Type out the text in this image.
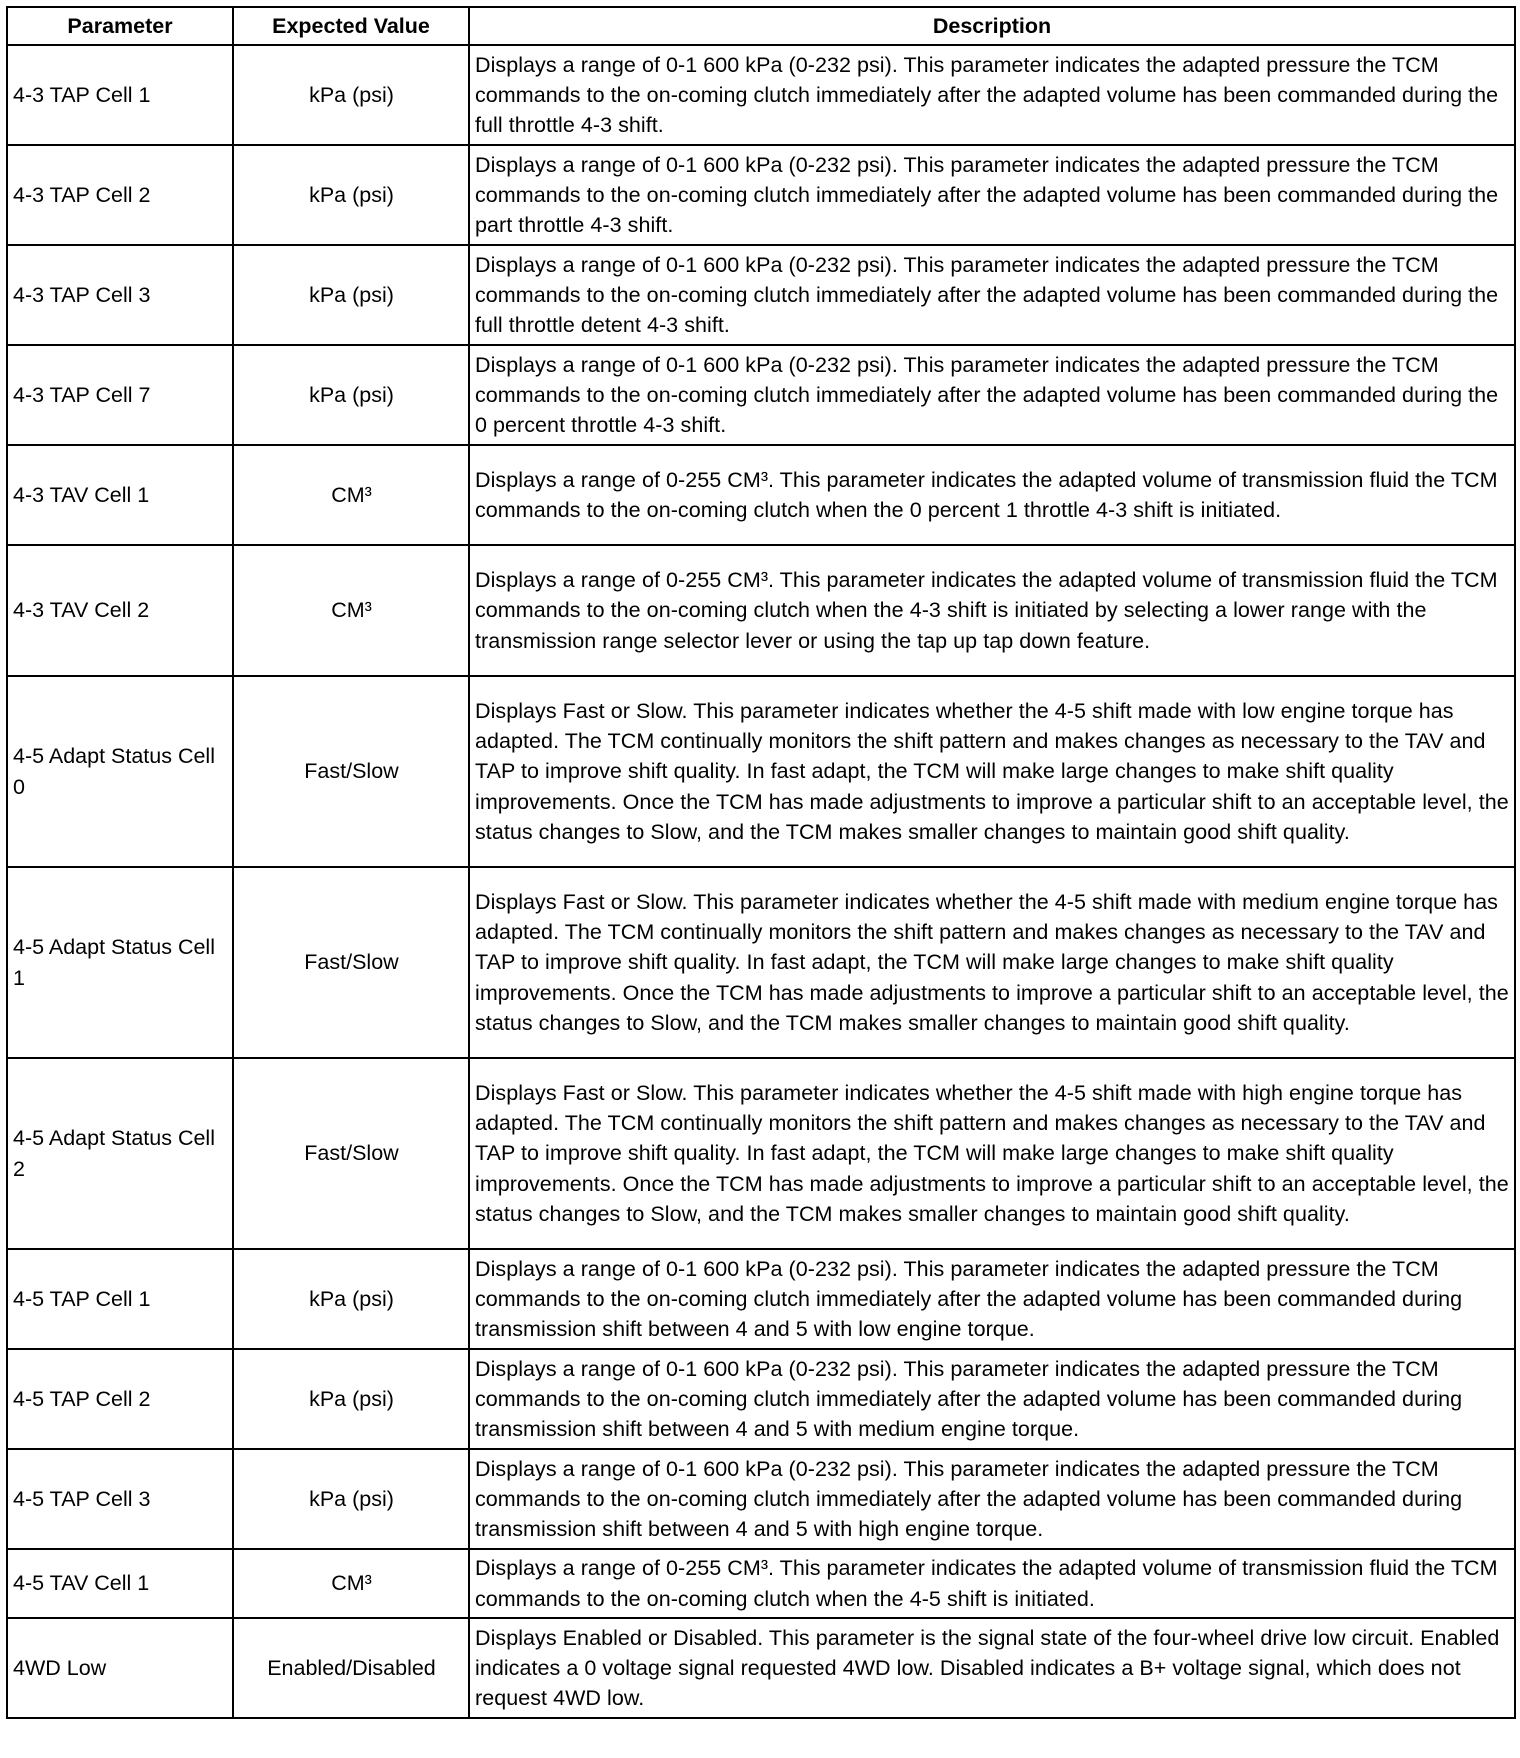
Parameter	Expected Value	Description
4-3 TAP Cell 1	kPa (psi)	Displays a range of 0-1 600 kPa (0-232 psi). This parameter indicates the adapted pressure the TCM commands to the on-coming clutch immediately after the adapted volume has been commanded during the full throttle 4-3 shift.
4-3 TAP Cell 2	kPa (psi)	Displays a range of 0-1 600 kPa (0-232 psi). This parameter indicates the adapted pressure the TCM commands to the on-coming clutch immediately after the adapted volume has been commanded during the part throttle 4-3 shift.
4-3 TAP Cell 3	kPa (psi)	Displays a range of 0-1 600 kPa (0-232 psi). This parameter indicates the adapted pressure the TCM commands to the on-coming clutch immediately after the adapted volume has been commanded during the full throttle detent 4-3 shift.
4-3 TAP Cell 7	kPa (psi)	Displays a range of 0-1 600 kPa (0-232 psi). This parameter indicates the adapted pressure the TCM commands to the on-coming clutch immediately after the adapted volume has been commanded during the 0 percent throttle 4-3 shift.
4-3 TAV Cell 1	CM³	Displays a range of 0-255 CM³. This parameter indicates the adapted volume of transmission fluid the TCM commands to the on-coming clutch when the 0 percent 1 throttle 4-3 shift is initiated.
4-3 TAV Cell 2	CM³	Displays a range of 0-255 CM³. This parameter indicates the adapted volume of transmission fluid the TCM commands to the on-coming clutch when the 4-3 shift is initiated by selecting a lower range with the transmission range selector lever or using the tap up tap down feature.
4-5 Adapt Status Cell 0	Fast/Slow	Displays Fast or Slow. This parameter indicates whether the 4-5 shift made with low engine torque has adapted. The TCM continually monitors the shift pattern and makes changes as necessary to the TAV and TAP to improve shift quality. In fast adapt, the TCM will make large changes to make shift quality improvements. Once the TCM has made adjustments to improve a particular shift to an acceptable level, the status changes to Slow, and the TCM makes smaller changes to maintain good shift quality.
4-5 Adapt Status Cell 1	Fast/Slow	Displays Fast or Slow. This parameter indicates whether the 4-5 shift made with medium engine torque has adapted. The TCM continually monitors the shift pattern and makes changes as necessary to the TAV and TAP to improve shift quality. In fast adapt, the TCM will make large changes to make shift quality improvements. Once the TCM has made adjustments to improve a particular shift to an acceptable level, the status changes to Slow, and the TCM makes smaller changes to maintain good shift quality.
4-5 Adapt Status Cell 2	Fast/Slow	Displays Fast or Slow. This parameter indicates whether the 4-5 shift made with high engine torque has adapted. The TCM continually monitors the shift pattern and makes changes as necessary to the TAV and TAP to improve shift quality. In fast adapt, the TCM will make large changes to make shift quality improvements. Once the TCM has made adjustments to improve a particular shift to an acceptable level, the status changes to Slow, and the TCM makes smaller changes to maintain good shift quality.
4-5 TAP Cell 1	kPa (psi)	Displays a range of 0-1 600 kPa (0-232 psi). This parameter indicates the adapted pressure the TCM commands to the on-coming clutch immediately after the adapted volume has been commanded during transmission shift between 4 and 5 with low engine torque.
4-5 TAP Cell 2	kPa (psi)	Displays a range of 0-1 600 kPa (0-232 psi). This parameter indicates the adapted pressure the TCM commands to the on-coming clutch immediately after the adapted volume has been commanded during transmission shift between 4 and 5 with medium engine torque.
4-5 TAP Cell 3	kPa (psi)	Displays a range of 0-1 600 kPa (0-232 psi). This parameter indicates the adapted pressure the TCM commands to the on-coming clutch immediately after the adapted volume has been commanded during transmission shift between 4 and 5 with high engine torque.
4-5 TAV Cell 1	CM³	Displays a range of 0-255 CM³. This parameter indicates the adapted volume of transmission fluid the TCM commands to the on-coming clutch when the 4-5 shift is initiated.
4WD Low	Enabled/Disabled	Displays Enabled or Disabled. This parameter is the signal state of the four-wheel drive low circuit. Enabled indicates a 0 voltage signal requested 4WD low. Disabled indicates a B+ voltage signal, which does not request 4WD low.
